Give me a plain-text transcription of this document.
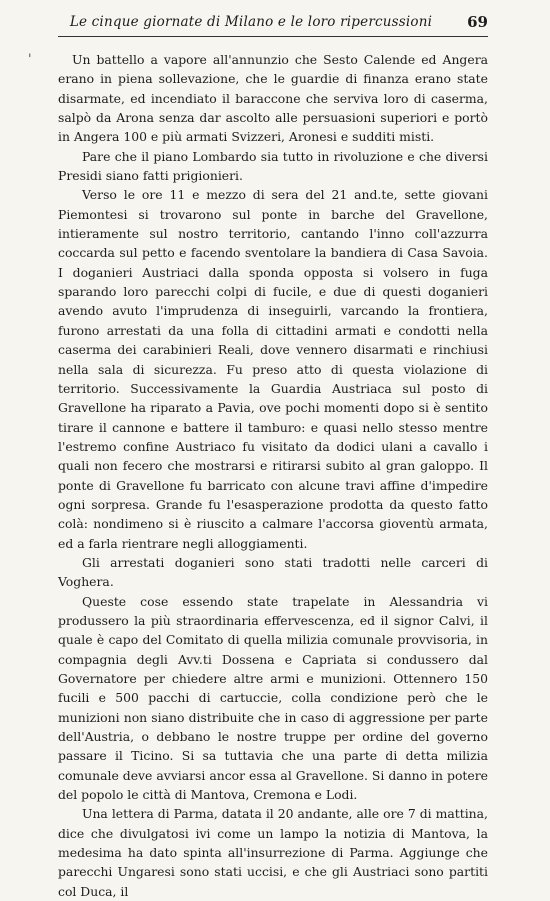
Le cinque giornate di Milano e le loro ripercussioni	69
'	Un battello a vapore all'annunzio che Sesto Calende ed Angera erano in piena sollevazione, che le guardie di finanza erano state disarmate, ed incendiato il baraccone che serviva loro di caserma, salpò da Arona senza dar ascolto alle persuasioni superiori e portò in Angera 100 e più armati Svizzeri, Aronesi e sudditi misti.

Pare che il piano Lombardo sia tutto in rivoluzione e che diversi Presidi siano fatti prigionieri.

Verso le ore 11 e mezzo di sera del 21 and.te, sette giovani Piemontesi si trovarono sul ponte in barche del Gravellone, intieramente sul nostro territorio, cantando l'inno coll'azzurra coccarda sul petto e facendo sventolare la bandiera di Casa Savoia. I doganieri Austriaci dalla sponda opposta si volsero in fuga sparando loro parecchi colpi di fucile, e due di questi doganieri avendo avuto l'imprudenza di inseguirli, varcando la frontiera, furono arrestati da una folla di cittadini armati e condotti nella caserma dei carabinieri Reali, dove vennero disarmati e rinchiusi nella sala di sicurezza. Fu preso atto di questa violazione di territorio. Successivamente la Guardia Austriaca sul posto di Gravellone ha riparato a Pavia, ove pochi momenti dopo si è sentito tirare il cannone e battere il tamburo: e quasi nello stesso mentre l'estremo confine Austriaco fu visitato da dodici ulani a cavallo i quali non fecero che mostrarsi e ritirarsi subito al gran galoppo. Il ponte di Gravellone fu barricato con alcune travi affine d'impedire ogni sorpresa. Grande fu l'esasperazione prodotta da questo fatto colà: nondimeno si è riuscito a calmare l'accorsa gioventù armata, ed a farla rientrare negli alloggiamenti.

Gli arrestati doganieri sono stati tradotti nelle carceri di Voghera.

Queste cose essendo state trapelate in Alessandria vi produssero la più straordinaria effervescenza, ed il signor Calvi, il quale è capo del Comitato di quella milizia comunale provvisoria, in compagnia degli Avv.ti Dossena e Capriata si condussero dal Governatore per chiedere altre armi e munizioni. Ottennero 150 fucili e 500 pacchi di cartuccie, colla condizione però che le munizioni non siano distribuite che in caso di aggressione per parte dell'Austria, o debbano le nostre truppe per ordine del governo passare il Ticino. Si sa tuttavia che una parte di detta milizia comunale deve avviarsi ancor essa al Gravellone. Si danno in potere del popolo le città di Mantova, Cremona e Lodi.

Una lettera di Parma, datata il 20 andante, alle ore 7 di mattina, dice che divulgatosi ivi come un lampo la notizia di Mantova, la medesima ha dato spinta all'insurrezione di Parma. Aggiunge che parecchi Ungaresi sono stati uccisi, e che gli Austriaci sono partiti col Duca, il
